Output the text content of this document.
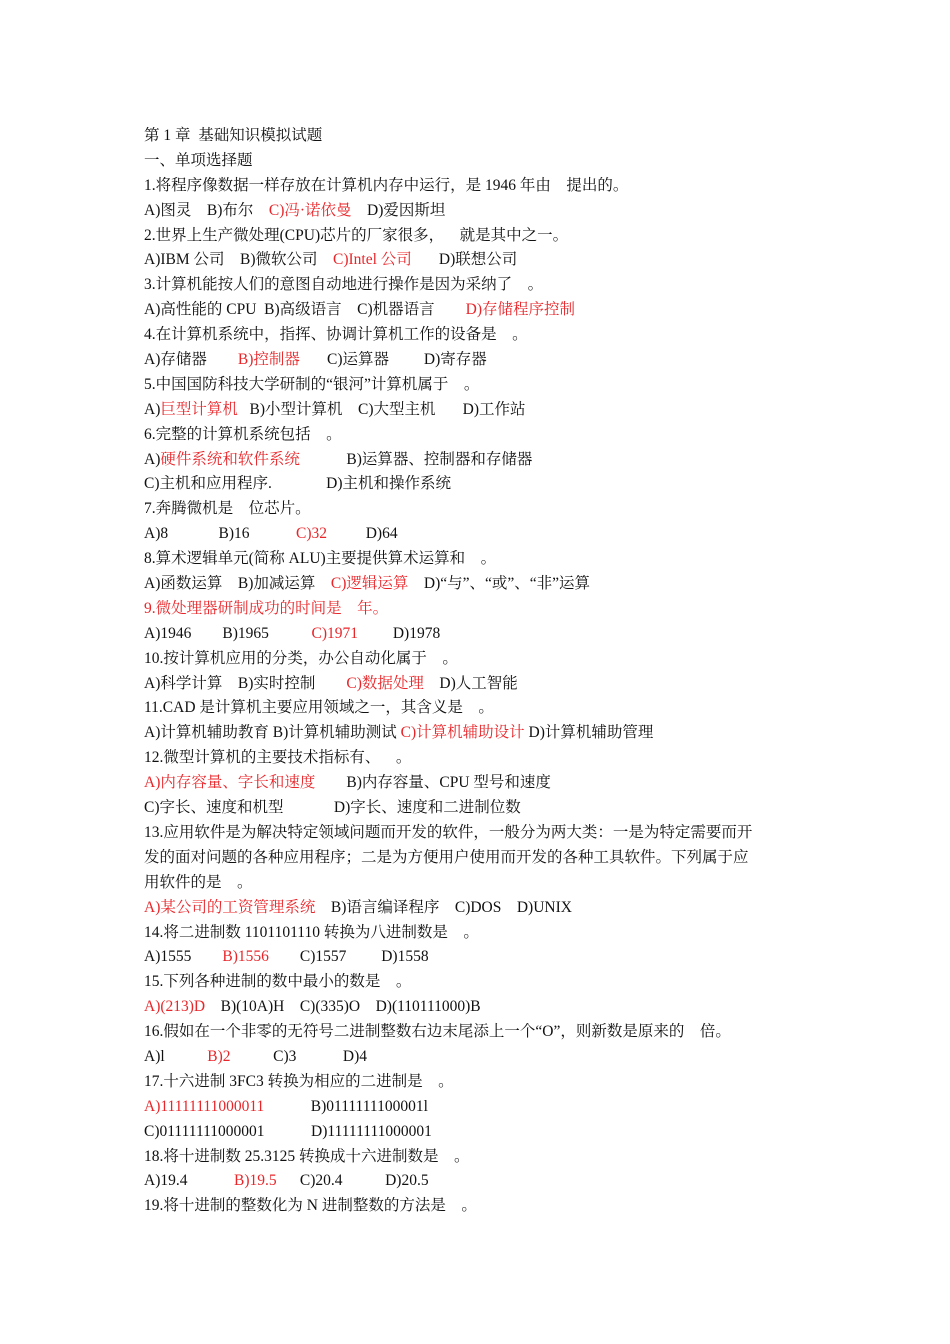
第 1 章  基础知识模拟试题
一、单项选择题
1.将程序像数据一样存放在计算机内存中运行，是 1946 年由    提出的。
A)图灵    B)布尔    C)冯·诺依曼    D)爱因斯坦
2.世界上生产微处理(CPU)芯片的厂家很多，    就是其中之一。
A)IBM 公司    B)微软公司    C)Intel 公司       D)联想公司
3.计算机能按人们的意图自动地进行操作是因为采纳了    。
A)高性能的 CPU  B)高级语言    C)机器语言        D)存储程序控制
4.在计算机系统中，指挥、协调计算机工作的设备是    。
A)存储器        B)控制器       C)运算器         D)寄存器
5.中国国防科技大学研制的“银河”计算机属于    。
A)巨型计算机   B)小型计算机    C)大型主机       D)工作站
6.完整的计算机系统包括    。
A)硬件系统和软件系统            B)运算器、控制器和存储器
C)主机和应用程序.              D)主机和操作系统
7.奔腾微机是    位芯片。
A)8             B)16            C)32          D)64
8.算术逻辑单元(简称 ALU)主要提供算术运算和    。
A)函数运算    B)加减运算    C)逻辑运算    D)“与”、“或”、“非”运算
9.微处理器研制成功的时间是    年。
A)1946        B)1965           C)1971         D)1978
10.按计算机应用的分类，办公自动化属于    。
A)科学计算    B)实时控制        C)数据处理    D)人工智能
11.CAD 是计算机主要应用领域之一，其含义是    。
A)计算机辅助教育 B)计算机辅助测试 C)计算机辅助设计 D)计算机辅助管理
12.微型计算机的主要技术指标有、    。
A)内存容量、字长和速度        B)内存容量、CPU 型号和速度
C)字长、速度和机型             D)字长、速度和二进制位数
13.应用软件是为解决特定领域问题而开发的软件，一般分为两大类：一是为特定需要而开
发的面对问题的各种应用程序；二是为方便用户使用而开发的各种工具软件。下列属于应
用软件的是    。
A)某公司的工资管理系统    B)语言编译程序    C)DOS    D)UNIX
14.将二进制数 1101101110 转换为八进制数是    。
A)1555        B)1556        C)1557         D)1558
15.下列各种进制的数中最小的数是    。
A)(213)D    B)(10A)H    C)(335)O    D)(110111000)B
16.假如在一个非零的无符号二进制整数右边末尾添上一个“O”，则新数是原来的    倍。
A)l           B)2           C)3            D)4
17.十六进制 3FC3 转换为相应的二进制是    。
A)11111111000011            B)0111111100001l
C)01111111000001            D)11111111000001
18.将十进制数 25.3125 转换成十六进制数是    。
A)19.4            B)19.5      C)20.4           D)20.5
19.将十进制的整数化为 N 进制整数的方法是    。
